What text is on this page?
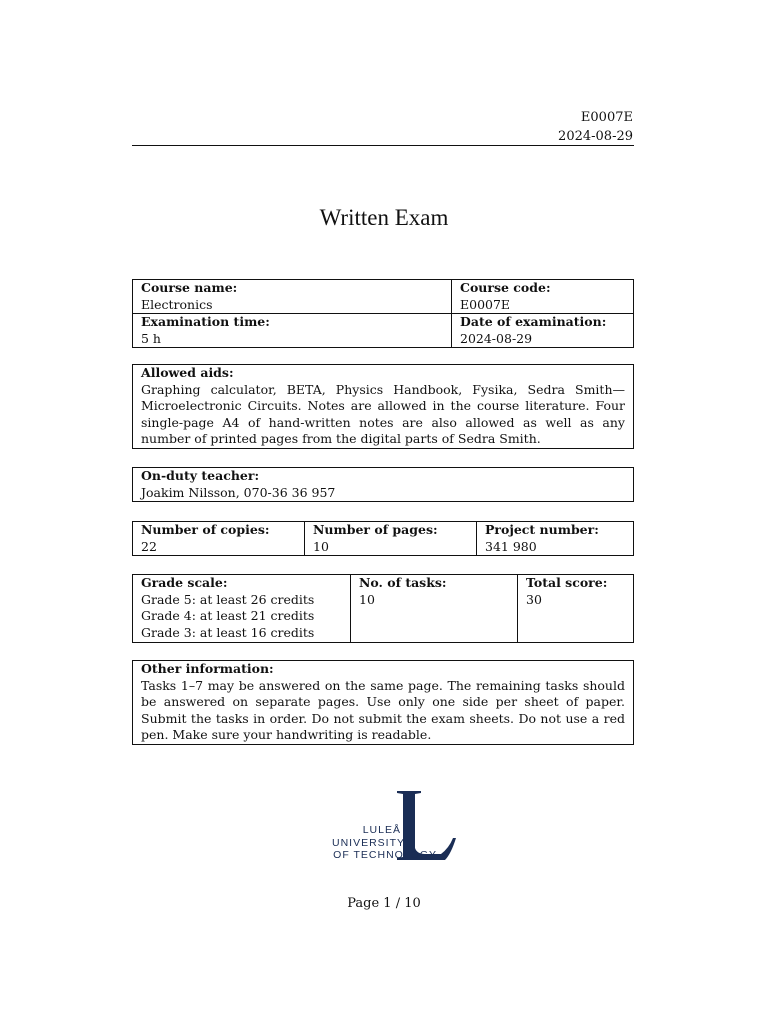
E0007E
2024-08-29
Written Exam
Course name:
Electronics
Course code:
E0007E
Examination time:
5 h
Date of examination:
2024-08-29
Allowed aids:
Graphing calculator, BETA, Physics Handbook, Fysika, Sedra Smith—Microelectronic Circuits. Notes are allowed in the course literature. Four single-page A4 of hand-written notes are also allowed as well as any number of printed pages from the digital parts of Sedra Smith.
On-duty teacher:
Joakim Nilsson, 070-36 36 957
Number of copies:
22
Number of pages:
10
Project number:
341 980
Grade scale:
Grade 5: at least 26 credits
Grade 4: at least 21 credits
Grade 3: at least 16 credits
No. of tasks:
10
Total score:
30
Other information:
Tasks 1–7 may be answered on the same page. The remaining tasks should be answered on separate pages. Use only one side per sheet of paper. Submit the tasks in order. Do not submit the exam sheets. Do not use a red pen. Make sure your handwriting is readable.
LULEÅ
UNIVERSITY
OF TECHNOLOGY
Page 1 / 10
